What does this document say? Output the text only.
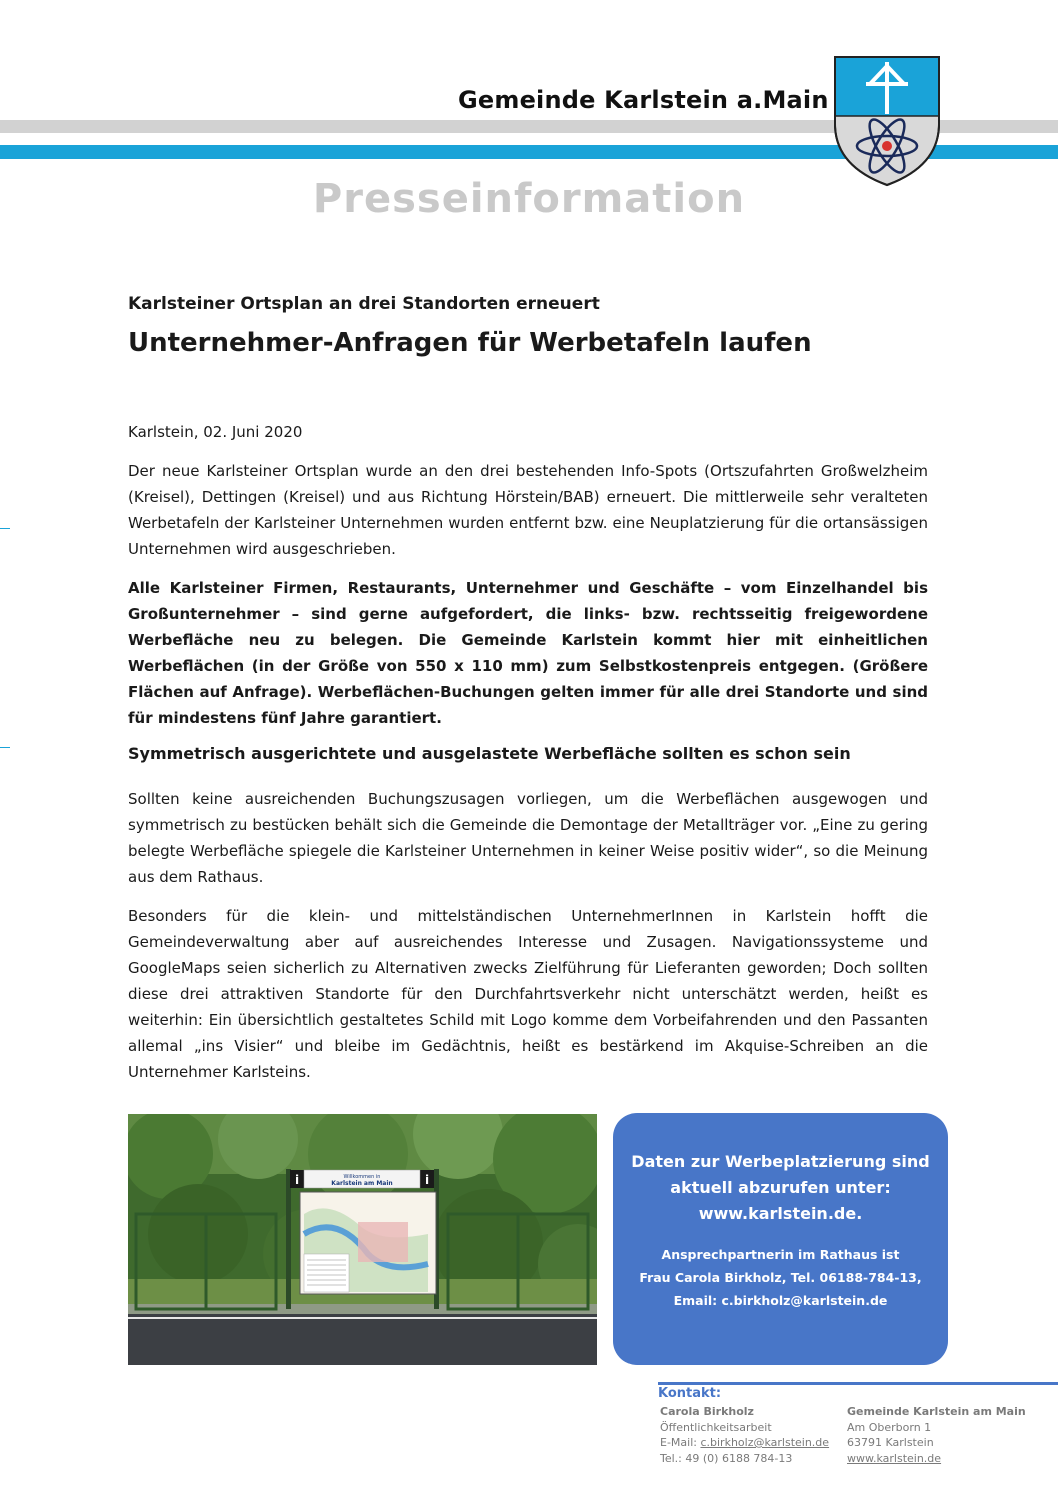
Gemeinde Karlstein a.Main
Presseinformation
Karlsteiner Ortsplan an drei Standorten erneuert
Unternehmer-Anfragen für Werbetafeln laufen
Karlstein, 02. Juni 2020

Der neue Karlsteiner Ortsplan wurde an den drei bestehenden Info-Spots (Ortszufahrten Großwelzheim (Kreisel), Dettingen (Kreisel) und aus Richtung Hörstein/BAB) erneuert. Die mittlerweile sehr veralteten Werbetafeln der Karlsteiner Unternehmen wurden entfernt bzw. eine Neuplatzierung für die ortansässigen Unternehmen wird ausgeschrieben.

Alle Karlsteiner Firmen, Restaurants, Unternehmer und Geschäfte – vom Einzelhandel bis Großunternehmer – sind gerne aufgefordert, die links- bzw. rechtsseitig freigewordene Werbefläche neu zu belegen. Die Gemeinde Karlstein kommt hier mit einheitlichen Werbeflächen (in der Größe von 550 x 110 mm) zum Selbstkostenpreis entgegen. (Größere Flächen auf Anfrage). Werbeflächen-Buchungen gelten immer für alle drei Standorte und sind für mindestens fünf Jahre garantiert.

Symmetrisch ausgerichtete und ausgelastete Werbefläche sollten es schon sein

Sollten keine ausreichenden Buchungszusagen vorliegen, um die Werbeflächen ausgewogen und symmetrisch zu bestücken behält sich die Gemeinde die Demontage der Metallträger vor. „Eine zu gering belegte Werbefläche spiegele die Karlsteiner Unternehmen in keiner Weise positiv wider“, so die Meinung aus dem Rathaus.

Besonders für die klein- und mittelständischen UnternehmerInnen in Karlstein hofft die Gemeindeverwaltung aber auf ausreichendes Interesse und Zusagen. Navigationssysteme und GoogleMaps seien sicherlich zu Alternativen zwecks Zielführung für Lieferanten geworden; Doch sollten diese drei attraktiven Standorte für den Durchfahrtsverkehr nicht unterschätzt werden, heißt es weiterhin: Ein übersichtlich gestaltetes Schild mit Logo komme dem Vorbeifahrenden und den Passanten allemal „ins Visier“ und bleibe im Gedächtnis, heißt es bestärkend im Akquise-Schreiben an die Unternehmer Karlsteins.

i	i
Willkommen in
Karlstein am Main
Daten zur Werbeplatzierung sind
aktuell abzurufen unter:
www.karlstein.de.
Ansprechpartnerin im Rathaus ist
Frau Carola Birkholz, Tel. 06188-784-13,
Email: c.birkholz@karlstein.de
Kontakt:
Carola Birkholz
Öffentlichkeitsarbeit
E-Mail: c.birkholz@karlstein.de
Tel.: 49 (0) 6188 784-13
Gemeinde Karlstein am Main
Am Oberborn 1
63791 Karlstein
www.karlstein.de
